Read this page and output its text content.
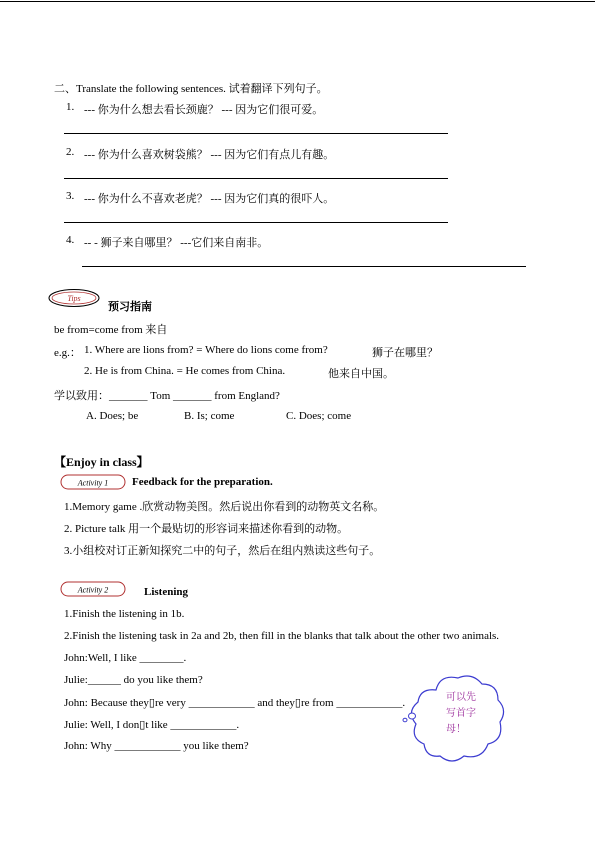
二、Translate the following sentences. 试着翻译下列句子。
1. --- 你为什么想去看长颈鹿？ --- 因为它们很可爱。
2. --- 你为什么喜欢树袋熊？ --- 因为它们有点儿有趣。
3. --- 你为什么不喜欢老虎？ --- 因为它们真的很吓人。
4. -- - 狮子来自哪里？ ---它们来自南非。
Tips
预习指南
be from=come from 来自
e.g.： 1. Where are lions from? = Where do lions come from?	狮子在哪里？
2. He is from China. = He comes from China.	他来自中国。
学以致用：_______ Tom _______ from England?
A. Does; be	B. Is; come	C. Does; come
【Enjoy in class】
Activity 1 Feedback for the preparation.
1.Memory game .欣赏动物美图。然后说出你看到的动物英文名称。
2. Picture talk 用一个最贴切的形容词来描述你看到的动物。
3.小组校对订正新知探究二中的句子，然后在组内熟读这些句子。
Activity 2	Listening
1.Finish the listening in 1b.
2.Finish the listening task in 2a and 2b, then fill in the blanks that talk about the other two animals.
John:Well, I like ________.
Julie:______ do you like them?
John: Because they▯re very ____________ and they▯re from ____________.
Julie: Well, I don▯t like ____________.
John: Why ____________ you like them?
可以先
写首字
母！
